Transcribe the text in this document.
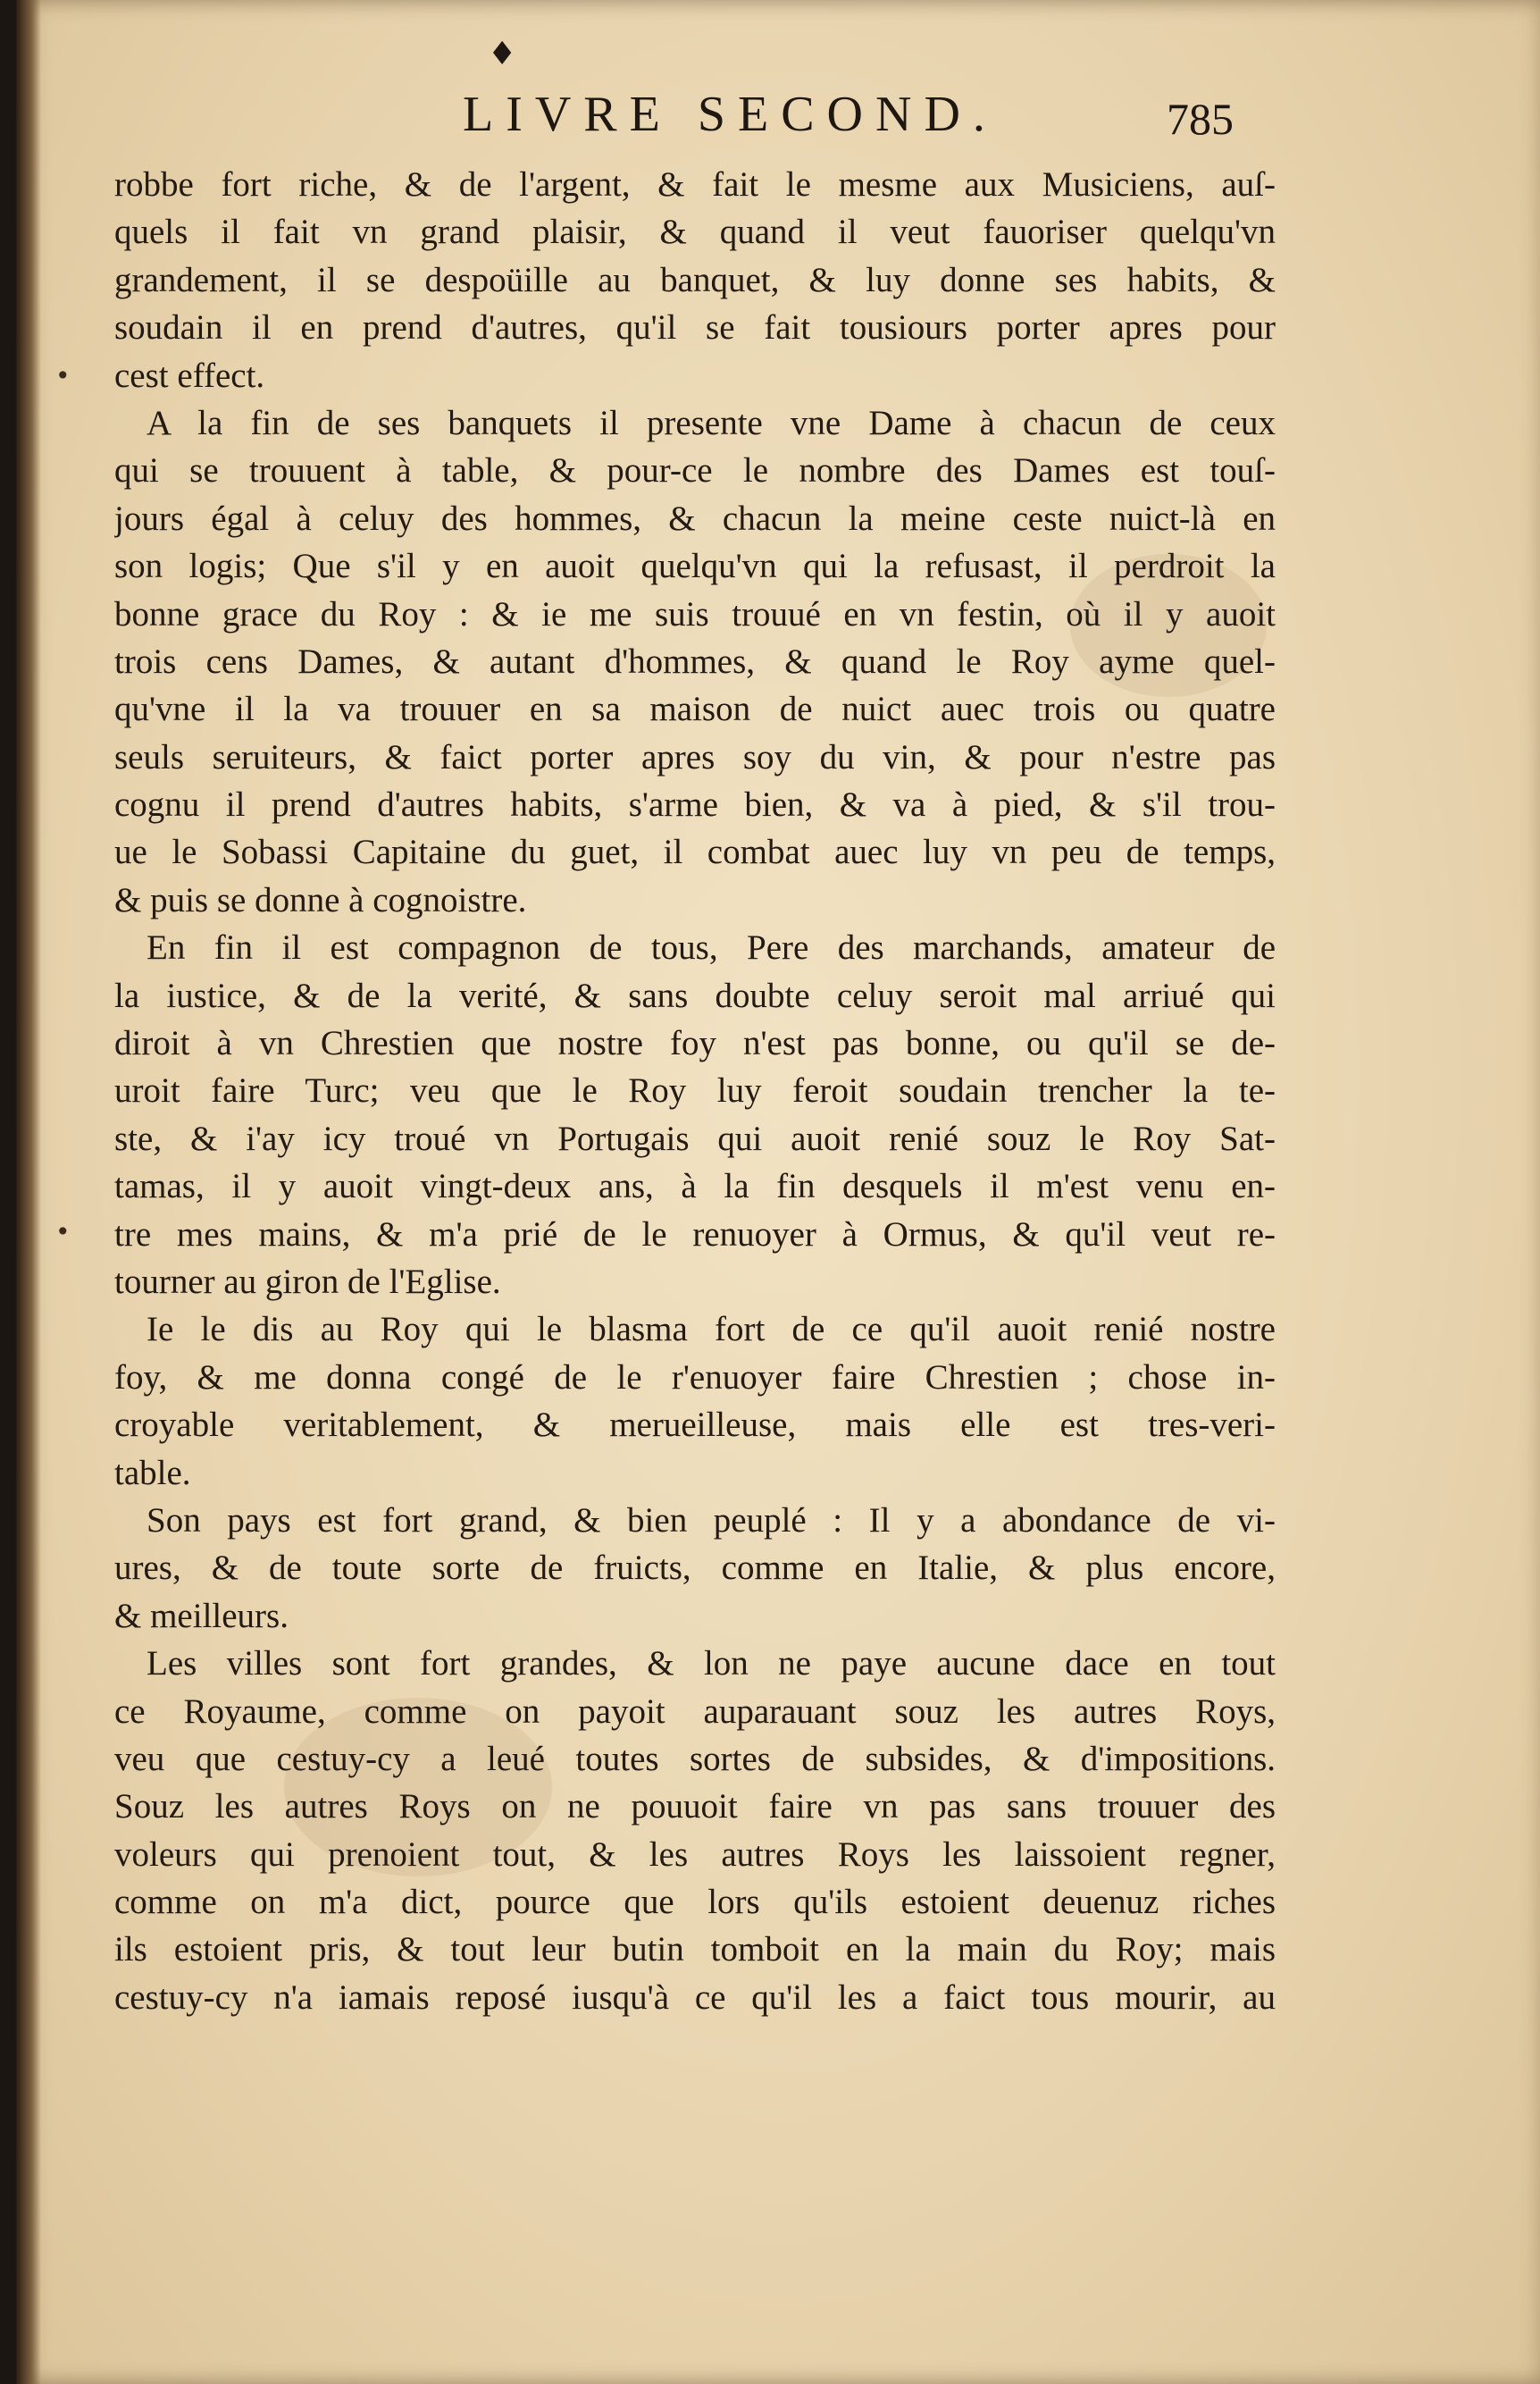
•
•
♦
LIVRE SECOND.	785
robbe fort riche, & de l'argent, & fait le mesme aux Musiciens, auſ-
quels il fait vn grand plaisir, & quand il veut fauoriser quelqu'vn
grandement, il se despoüille au banquet, & luy donne ses habits, &
soudain il en prend d'autres, qu'il se fait tousiours porter apres pour
cest effect.
A la fin de ses banquets il presente vne Dame à chacun de ceux
qui se trouuent à table, & pour-ce le nombre des Dames est touſ-
jours égal à celuy des hommes, & chacun la meine ceste nuict-là en
son logis; Que s'il y en auoit quelqu'vn qui la refusast, il perdroit la
bonne grace du Roy : & ie me suis trouué en vn festin, où il y auoit
trois cens Dames, & autant d'hommes, & quand le Roy ayme quel-
qu'vne il la va trouuer en sa maison de nuict auec trois ou quatre
seuls seruiteurs, & faict porter apres soy du vin, & pour n'estre pas
cognu il prend d'autres habits, s'arme bien, & va à pied, & s'il trou-
ue le Sobassi Capitaine du guet, il combat auec luy vn peu de temps,
& puis se donne à cognoistre.
En fin il est compagnon de tous, Pere des marchands, amateur de
la iustice, & de la verité, & sans doubte celuy seroit mal arriué qui
diroit à vn Chrestien que nostre foy n'est pas bonne, ou qu'il se de-
uroit faire Turc; veu que le Roy luy feroit soudain trencher la te-
ste, & i'ay icy troué vn Portugais qui auoit renié souz le Roy Sat-
tamas, il y auoit vingt-deux ans, à la fin desquels il m'est venu en-
tre mes mains, & m'a prié de le renuoyer à Ormus, & qu'il veut re-
tourner au giron de l'Eglise.
Ie le dis au Roy qui le blasma fort de ce qu'il auoit renié nostre
foy, & me donna congé de le r'enuoyer faire Chrestien ; chose in-
croyable veritablement, & merueilleuse, mais elle est tres-veri-
table.
Son pays est fort grand, & bien peuplé : Il y a abondance de vi-
ures, & de toute sorte de fruicts, comme en Italie, & plus encore,
& meilleurs.
Les villes sont fort grandes, & lon ne paye aucune dace en tout
ce Royaume, comme on payoit auparauant souz les autres Roys,
veu que cestuy-cy a leué toutes sortes de subsides, & d'impositions.
Souz les autres Roys on ne pouuoit faire vn pas sans trouuer des
voleurs qui prenoient tout, & les autres Roys les laissoient regner,
comme on m'a dict, pource que lors qu'ils estoient deuenuz riches
ils estoient pris, & tout leur butin tomboit en la main du Roy; mais
cestuy-cy n'a iamais reposé iusqu'à ce qu'il les a faict tous mourir, au
